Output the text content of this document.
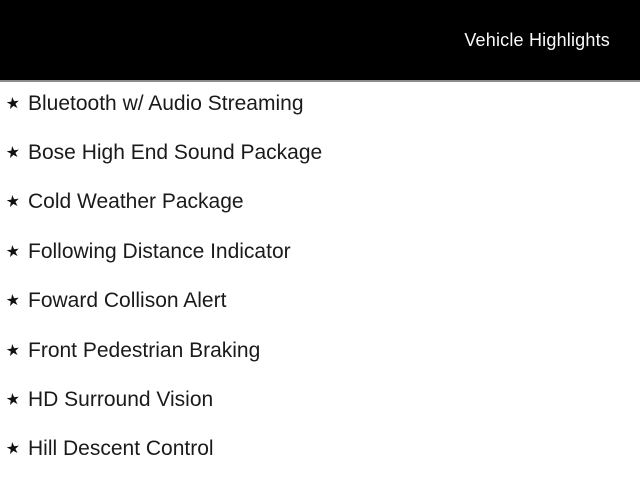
Vehicle Highlights
★ Bluetooth w/ Audio Streaming
★ Bose High End Sound Package
★ Cold Weather Package
★ Following Distance Indicator
★ Foward Collison Alert
★ Front Pedestrian Braking
★ HD Surround Vision
★ Hill Descent Control
